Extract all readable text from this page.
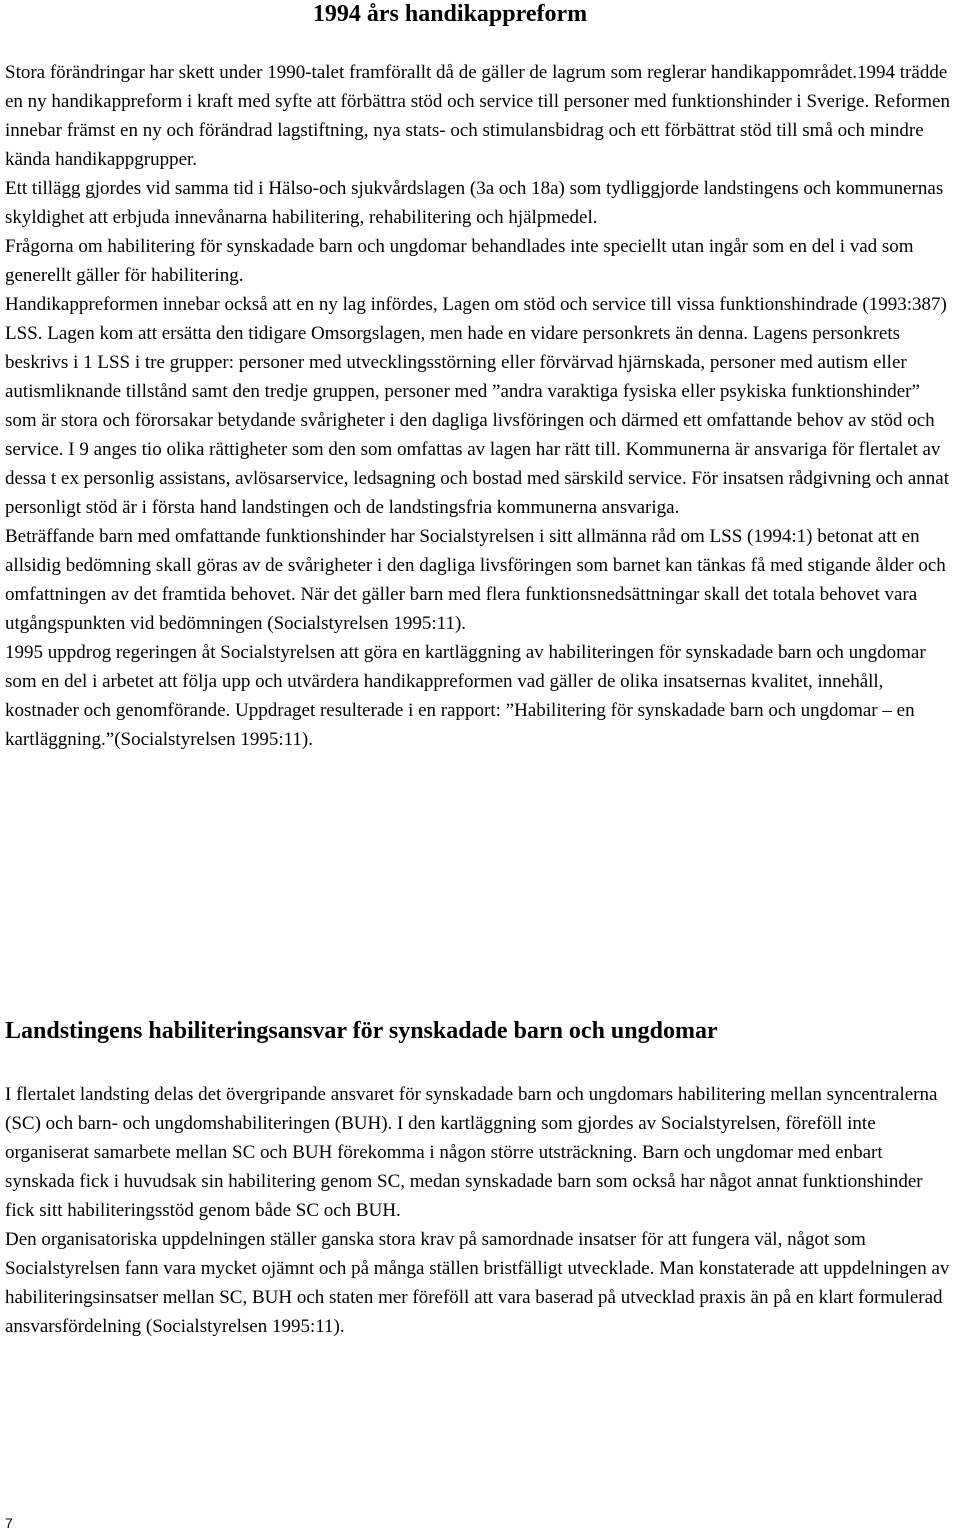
1994 års handikappreform

Stora förändringar har skett under 1990-talet framförallt då de gäller de lagrum som reglerar handikappområdet.1994 trädde en ny handikappreform i kraft med syfte att förbättra stöd och service till personer med funktionshinder i Sverige. Reformen innebar främst en ny och förändrad lagstiftning, nya stats- och stimulansbidrag och ett förbättrat stöd till små och mindre kända handikappgrupper.

Ett tillägg gjordes vid samma tid i Hälso-och sjukvårdslagen (3a och 18a) som tydliggjorde landstingens och kommunernas skyldighet att erbjuda innevånarna habilitering, rehabilitering och hjälpmedel.

Frågorna om habilitering för synskadade barn och ungdomar behandlades inte speciellt utan ingår som en del i vad som generellt gäller för habilitering.

Handikappreformen innebar också att en ny lag infördes, Lagen om stöd och service till vissa funktionshindrade (1993:387) LSS. Lagen kom att ersätta den tidigare Omsorgslagen, men hade en vidare personkrets än denna. Lagens personkrets beskrivs i 1 LSS i tre grupper: personer med utvecklingsstörning eller förvärvad hjärnskada, personer med autism eller autismliknande tillstånd samt den tredje gruppen, personer med ”andra varaktiga fysiska eller psykiska funktionshinder” som är stora och förorsakar betydande svårigheter i den dagliga livsföringen och därmed ett omfattande behov av stöd och service. I 9 anges tio olika rättigheter som den som omfattas av lagen har rätt till. Kommunerna är ansvariga för flertalet av dessa t ex personlig assistans, avlösarservice, ledsagning och bostad med särskild service. För insatsen rådgivning och annat personligt stöd är i första hand landstingen och de landstingsfria kommunerna ansvariga.

Beträffande barn med omfattande funktionshinder har Socialstyrelsen i sitt allmänna råd om LSS (1994:1) betonat att en allsidig bedömning skall göras av de svårigheter i den dagliga livsföringen som barnet kan tänkas få med stigande ålder och omfattningen av det framtida behovet. När det gäller barn med flera funktionsnedsättningar skall det totala behovet vara utgångspunkten vid bedömningen (Socialstyrelsen 1995:11).

1995 uppdrog regeringen åt Socialstyrelsen att göra en kartläggning av habiliteringen för synskadade barn och ungdomar som en del i arbetet att följa upp och utvärdera handikappreformen vad gäller de olika insatsernas kvalitet, innehåll, kostnader och genomförande. Uppdraget resulterade i en rapport: ”Habilitering för synskadade barn och ungdomar – en kartläggning.”(Socialstyrelsen 1995:11).

Landstingens habiliteringsansvar för synskadade barn och ungdomar

I flertalet landsting delas det övergripande ansvaret för synskadade barn och ungdomars habilitering mellan syncentralerna (SC) och barn- och ungdomshabiliteringen (BUH). I den kartläggning som gjordes av Socialstyrelsen, föreföll inte organiserat samarbete mellan SC och BUH förekomma i någon större utsträckning. Barn och ungdomar med enbart synskada fick i huvudsak sin habilitering genom SC, medan synskadade barn som också har något annat funktionshinder fick sitt habiliteringsstöd genom både SC och BUH.

Den organisatoriska uppdelningen ställer ganska stora krav på samordnade insatser för att fungera väl, något som Socialstyrelsen fann vara mycket ojämnt och på många ställen bristfälligt utvecklade. Man konstaterade att uppdelningen av habiliteringsinsatser mellan SC, BUH och staten mer föreföll att vara baserad på utvecklad praxis än på en klart formulerad ansvarsfördelning (Socialstyrelsen 1995:11).

7
